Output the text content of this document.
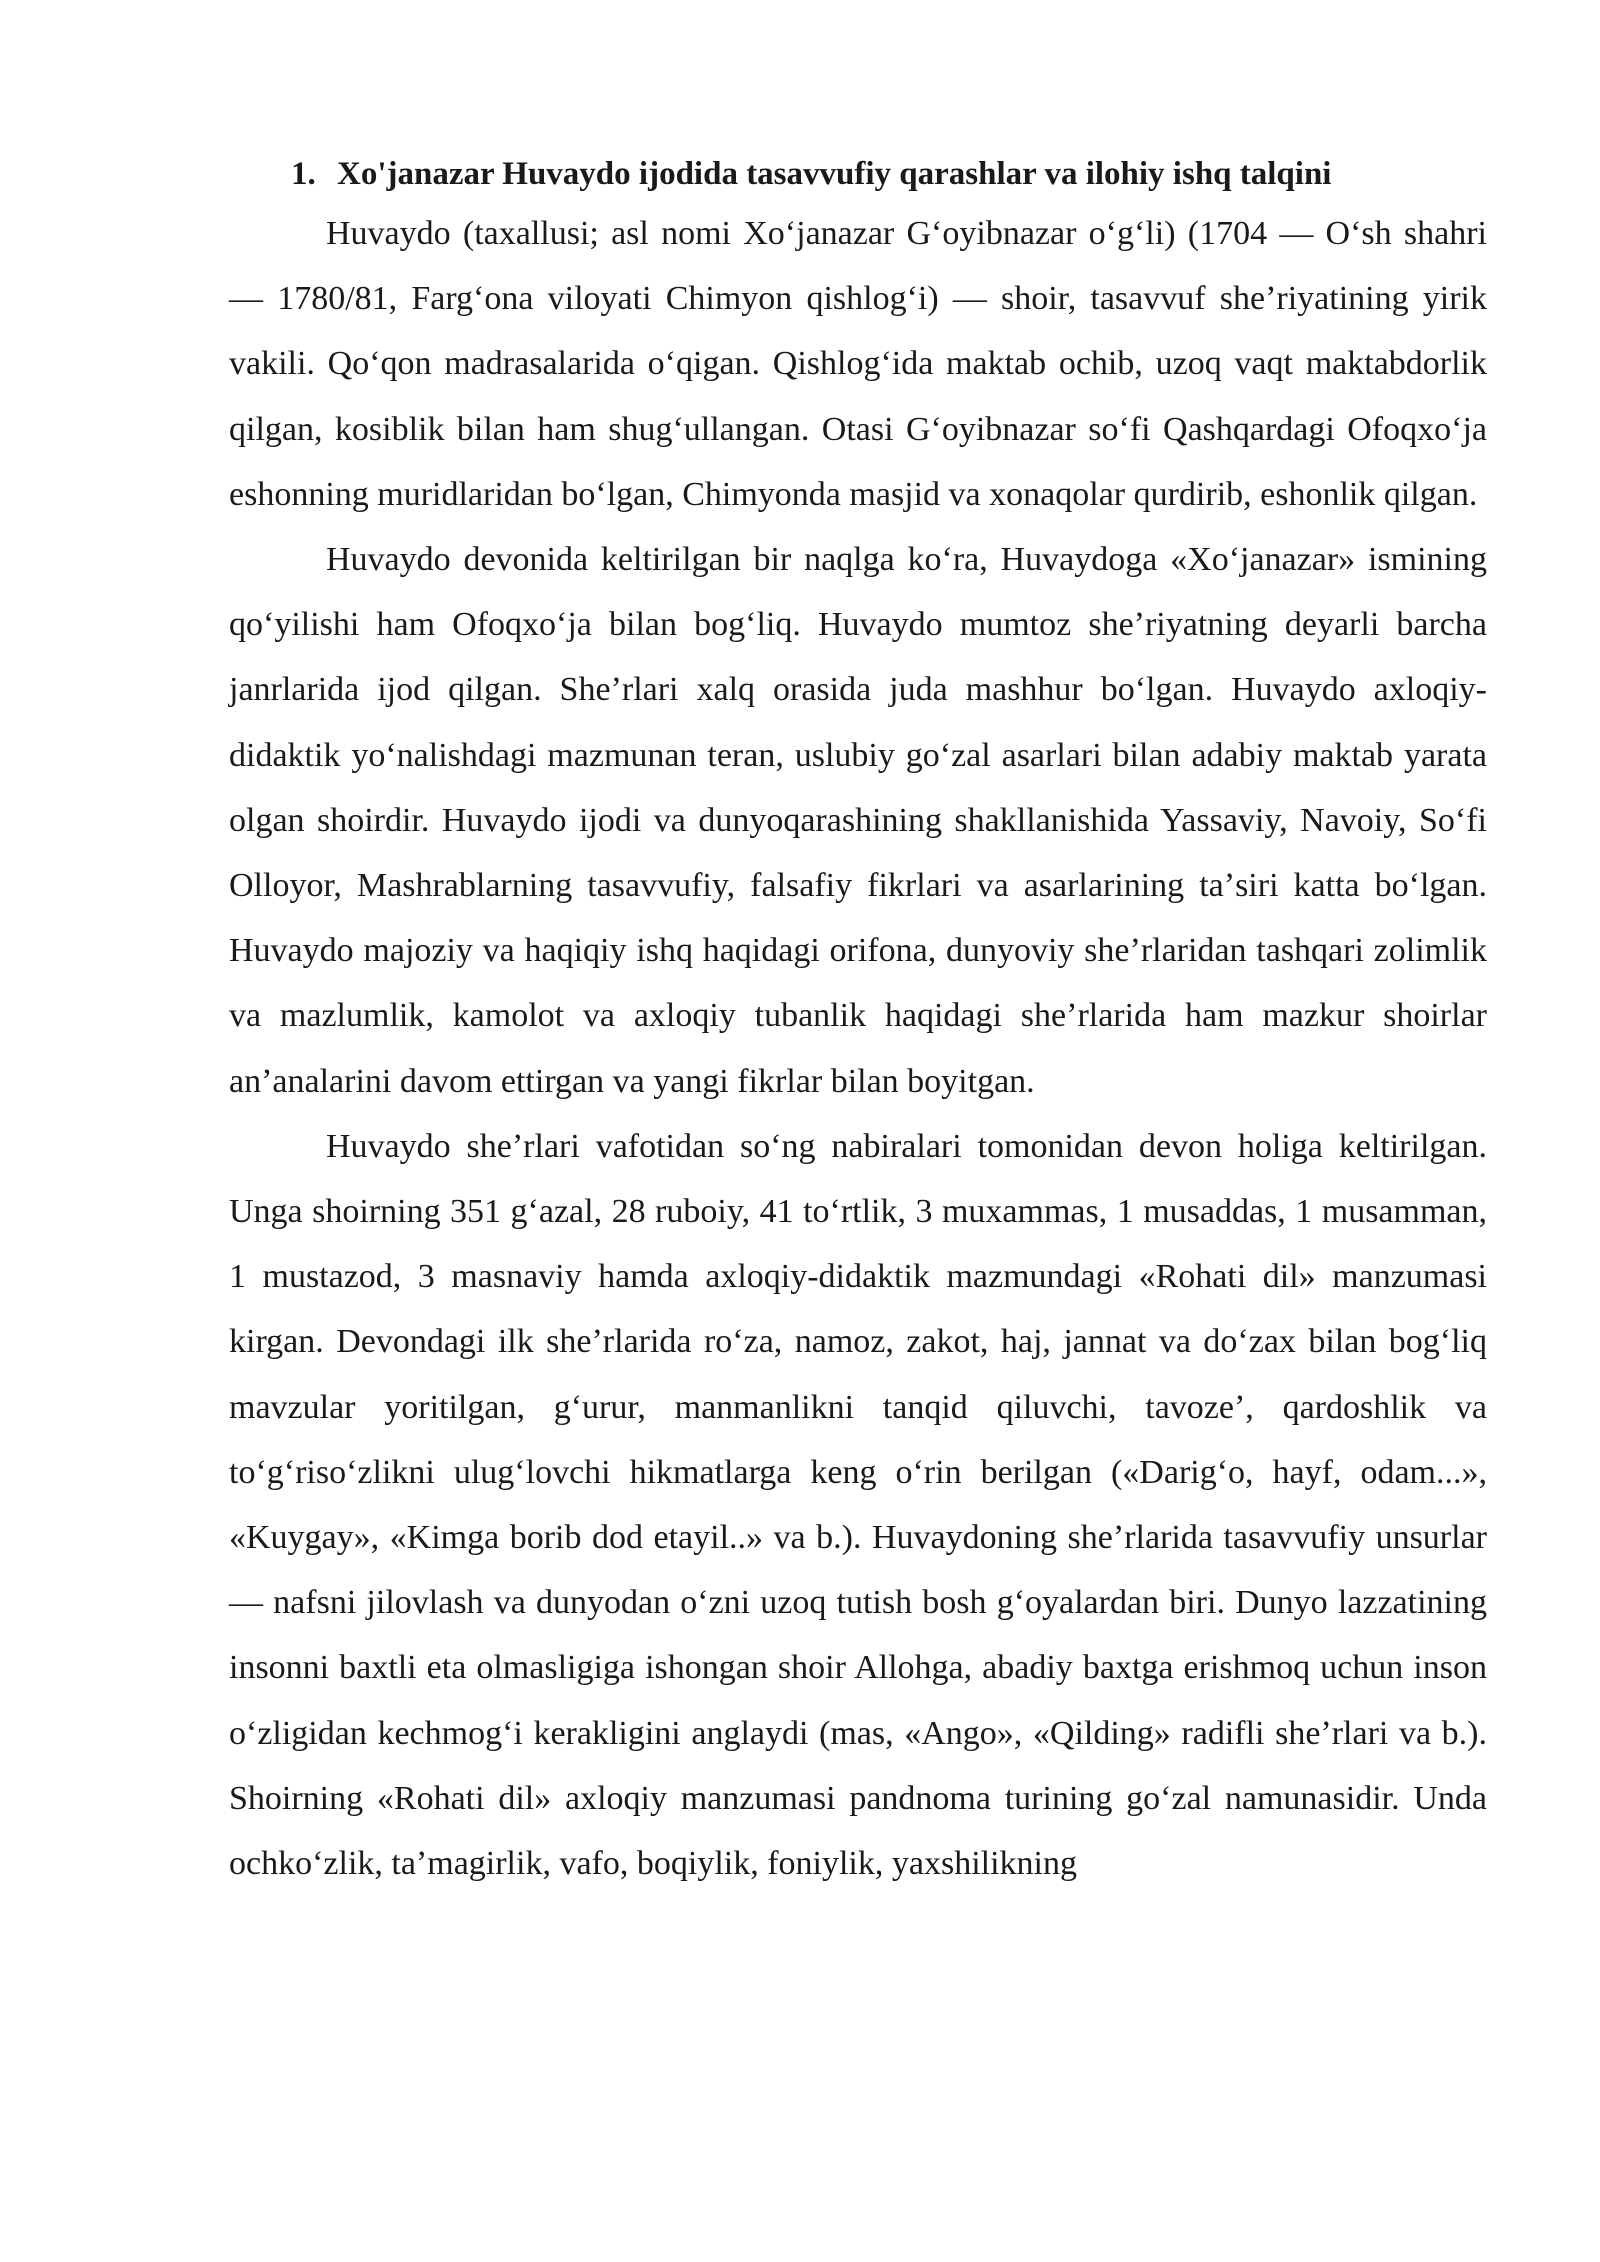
1. Xo'janazar Huvaydo ijodida tasavvufiy qarashlar va ilohiy ishq talqini

Huvaydo (taxallusi; asl nomi Xoʻjanazar Gʻoyibnazar oʻgʻli) (1704 — Oʻsh shahri — 1780/81, Fargʻona viloyati Chimyon qishlogʻi) — shoir, tasavvuf sheʼriyatining yirik vakili. Qoʻqon madrasalarida oʻqigan. Qishlogʻida maktab ochib, uzoq vaqt maktabdorlik qilgan, kosiblik bilan ham shugʻullangan. Otasi Gʻoyibnazar soʻfi Qashqardagi Ofoqxoʻja eshonning muridlaridan boʻlgan, Chimyonda masjid va xonaqolar qurdirib, eshonlik qilgan.

Huvaydo devonida keltirilgan bir naqlga koʻra, Huvaydoga «Xoʻjanazar» ismining qoʻyilishi ham Ofoqxoʻja bilan bogʻliq. Huvaydo mumtoz sheʼriyatning deyarli barcha janrlarida ijod qilgan. Sheʼrlari xalq orasida juda mashhur boʻlgan. Huvaydo axloqiy-didaktik yoʻnalishdagi mazmunan teran, uslubiy goʻzal asarlari bilan adabiy maktab yarata olgan shoirdir. Huvaydo ijodi va dunyoqarashining shakllanishida Yassaviy, Navoiy, Soʻfi Olloyor, Mashrablarning tasavvufiy, falsafiy fikrlari va asarlarining taʼsiri katta boʻlgan. Huvaydo majoziy va haqiqiy ishq haqidagi orifona, dunyoviy sheʼrlaridan tashqari zolimlik va mazlumlik, kamolot va axloqiy tubanlik haqidagi sheʼrlarida ham mazkur shoirlar anʼanalarini davom ettirgan va yangi fikrlar bilan boyitgan.

Huvaydo sheʼrlari vafotidan soʻng nabiralari tomonidan devon holiga keltirilgan. Unga shoirning 351 gʻazal, 28 ruboiy, 41 toʻrtlik, 3 muxammas, 1 musaddas, 1 musamman, 1 mustazod, 3 masnaviy hamda axloqiy-didaktik mazmundagi «Rohati dil» manzumasi kirgan. Devondagi ilk sheʼrlarida roʻza, namoz, zakot, haj, jannat va doʻzax bilan bogʻliq mavzular yoritilgan, gʻurur, manmanlikni tanqid qiluvchi, tavozeʼ, qardoshlik va toʻgʻrisoʻzlikni ulugʻlovchi hikmatlarga keng oʻrin berilgan («Darigʻo, hayf, odam...», «Kuygay», «Kimga borib dod etayil..» va b.). Huvaydoning sheʼrlarida tasavvufiy unsurlar — nafsni jilovlash va dunyodan oʻzni uzoq tutish bosh gʻoyalardan biri. Dunyo lazzatining insonni baxtli eta olmasligiga ishongan shoir Allohga, abadiy baxtga erishmoq uchun inson oʻzligidan kechmogʻi kerakligini anglaydi (mas, «Ango», «Qilding» radifli sheʼrlari va b.). Shoirning «Rohati dil» axloqiy manzumasi pandnoma turining goʻzal namunasidir. Unda ochkoʻzlik, taʼmagirlik, vafo, boqiylik, foniylik, yaxshilikning
